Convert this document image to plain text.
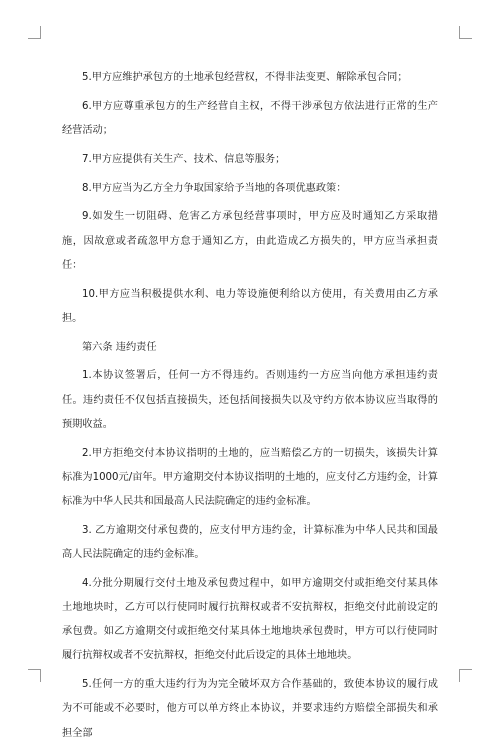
5.甲方应维护承包方的土地承包经营权，不得非法变更、解除承包合同；

6.甲方应尊重承包方的生产经营自主权，不得干涉承包方依法进行正常的生产经营活动；

7.甲方应提供有关生产、技术、信息等服务；

8.甲方应当为乙方全力争取国家给予当地的各项优惠政策：

9.如发生一切阻碍、危害乙方承包经营事项时，甲方应及时通知乙方采取措施，因故意或者疏忽甲方怠于通知乙方，由此造成乙方损失的，甲方应当承担责任：

10.甲方应当积极提供水利、电力等设施便利给以方使用，有关费用由乙方承担。

第六条 违约责任

1.本协议签署后，任何一方不得违约。否则违约一方应当向他方承担违约责任。违约责任不仅包括直接损失，还包括间接损失以及守约方依本协议应当取得的预期收益。

2.甲方拒绝交付本协议指明的土地的，应当赔偿乙方的一切损失，该损失计算标准为1000元/亩年。甲方逾期交付本协议指明的土地的，应支付乙方违约金，计算标准为中华人民共和国最高人民法院确定的违约金标准。

3. 乙方逾期交付承包费的，应支付甲方违约金，计算标准为中华人民共和国最高人民法院确定的违约金标准。

4.分批分期履行交付土地及承包费过程中，如甲方逾期交付或拒绝交付某具体土地地块时，乙方可以行使同时履行抗辩权或者不安抗辩权，拒绝交付此前设定的承包费。如乙方逾期交付或拒绝交付某具体土地地块承包费时，甲方可以行使同时履行抗辩权或者不安抗辩权，拒绝交付此后设定的具体土地地块。

5.任何一方的重大违约行为为完全破坏双方合作基础的，致使本协议的履行成为不可能或不必要时，他方可以单方终止本协议，并要求违约方赔偿全部损失和承担全部
